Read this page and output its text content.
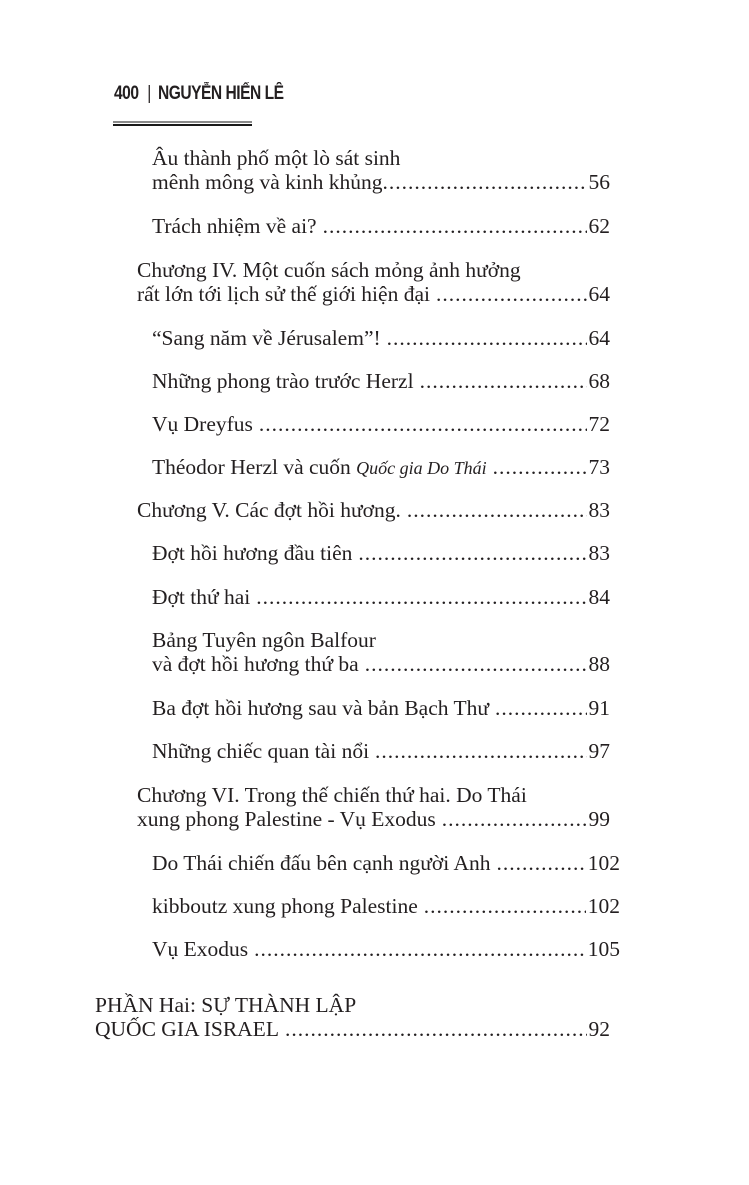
400 | NGUYỄN HIẾN LÊ
Âu thành phố một lò sát sinh
mênh mông và kinh khủng .....	56
Trách nhiệm về ai? .....	62
Chương IV. Một cuốn sách mỏng ảnh hưởng
rất lớn tới lịch sử thế giới hiện đại .....	64
“Sang năm về Jérusalem”! .....	64
Những phong trào trước Herzl .....	68
Vụ Dreyfus .....	72
Théodor Herzl và cuốn Quốc gia Do Thái .....	73
Chương V. Các đợt hồi hương. .....	83
Đợt hồi hương đầu tiên .....	83
Đợt thứ hai .....	84
Bảng Tuyên ngôn Balfour
và đợt hồi hương thứ ba .....	88
Ba đợt hồi hương sau và bản Bạch Thư .....	91
Những chiếc quan tài nổi .....	97
Chương VI. Trong thế chiến thứ hai. Do Thái
xung phong Palestine - Vụ Exodus .....	99
Do Thái chiến đấu bên cạnh người Anh .....	102
kibboutz xung phong Palestine .....	102
Vụ Exodus .....	105
PHẦN Hai: SỰ THÀNH LẬP
QUỐC GIA ISRAEL .....	92
